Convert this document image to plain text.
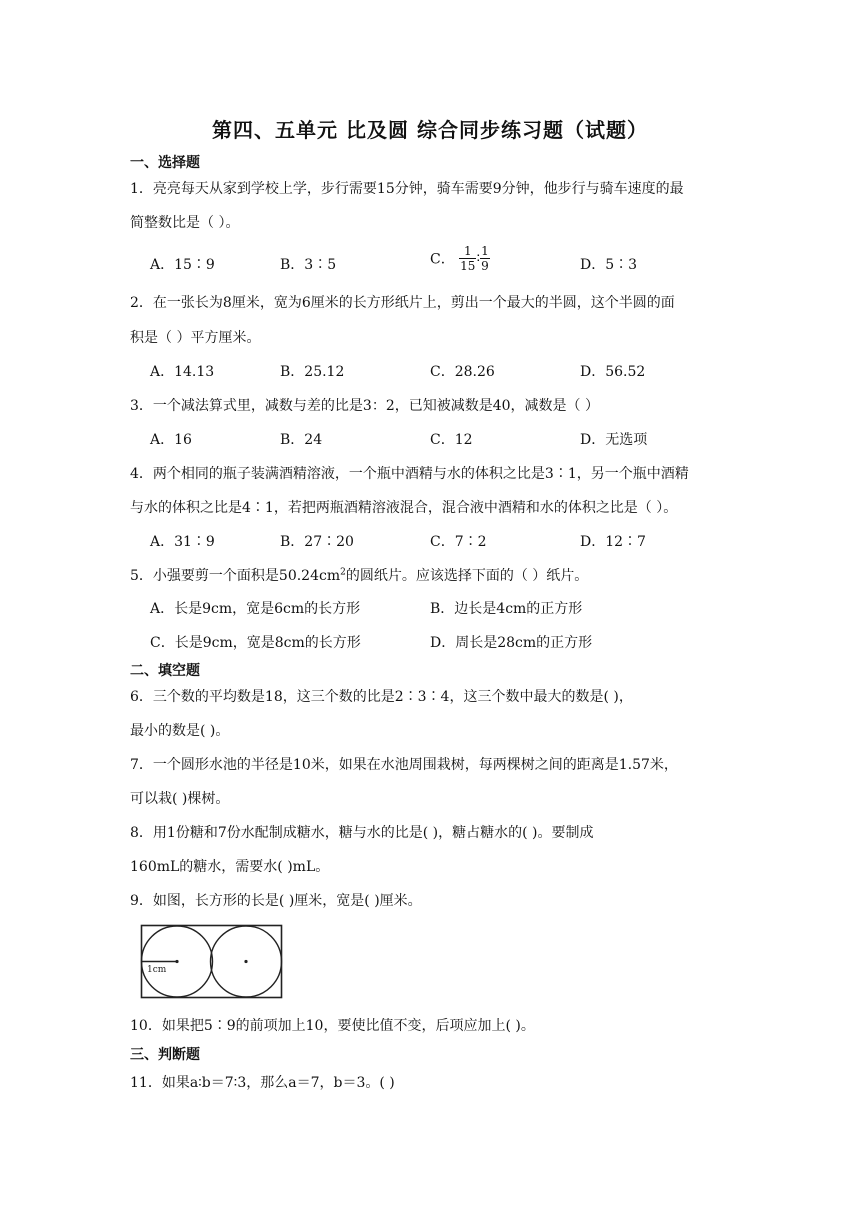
第四、五单元 比及圆 综合同步练习题（试题）
一、选择题
1．亮亮每天从家到学校上学，步行需要15分钟，骑车需要9分钟，他步行与骑车速度的最
简整数比是（ ）。
A．15∶9	B．3∶5	C． $\frac{1}{15}$ ∶ $\frac{1}{9}$	D．5∶3
2．在一张长为8厘米，宽为6厘米的长方形纸片上，剪出一个最大的半圆，这个半圆的面
积是（ ）平方厘米。
A．14.13	B．25.12	C．28.26	D．56.52
3．一个减法算式里，减数与差的比是3：2，已知被减数是40，减数是（ ）
A．16	B．24	C．12	D．无选项
4．两个相同的瓶子装满酒精溶液，一个瓶中酒精与水的体积之比是3∶1，另一个瓶中酒精
与水的体积之比是4∶1，若把两瓶酒精溶液混合，混合液中酒精和水的体积之比是（ ）。
A．31∶9	B．27∶20	C．7∶2	D．12∶7
5．小强要剪一个面积是$50.24cm^2$的圆纸片。应该选择下面的（ ）纸片。
A．长是9cm，宽是6cm的长方形	B．边长是4cm的正方形
C．长是9cm，宽是8cm的长方形	D．周长是28cm的正方形
二、填空题
6．三个数的平均数是18，这三个数的比是2∶3∶4，这三个数中最大的数是( )，
最小的数是( )。
7．一个圆形水池的半径是10米，如果在水池周围栽树，每两棵树之间的距离是1.57米，
可以栽( )棵树。
8．用1份糖和7份水配制成糖水，糖与水的比是( )，糖占糖水的( )。要制成
160mL的糖水，需要水( )mL。
9．如图，长方形的长是( )厘米，宽是( )厘米。
1cm
10．如果把5∶9的前项加上10，要使比值不变，后项应加上( )。
三、判断题
11．如果a∶b＝7∶3，那么a＝7，b＝3。( )
